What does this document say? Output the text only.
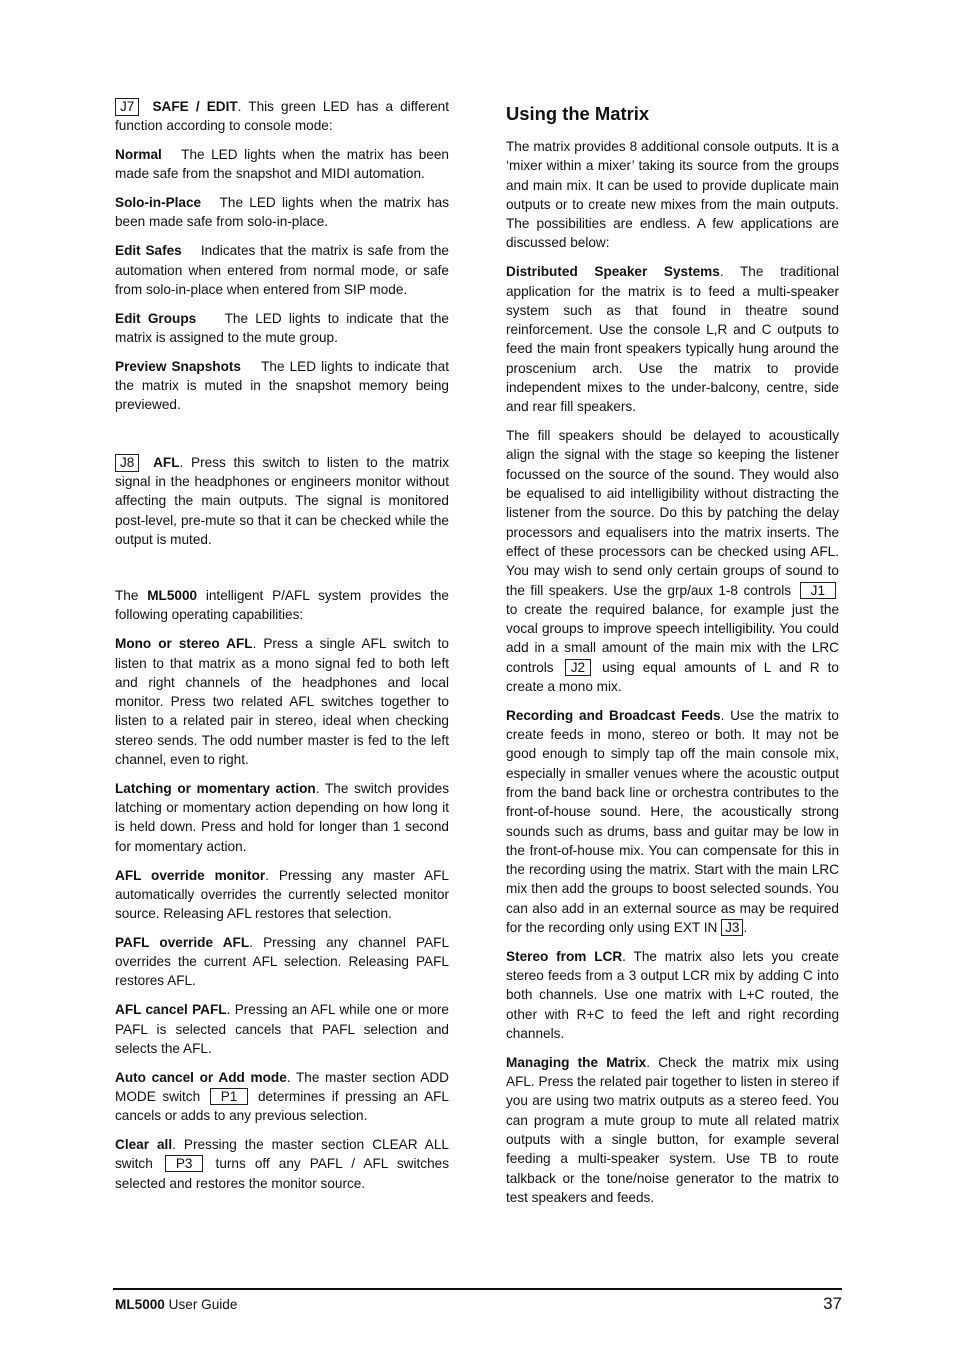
J7 SAFE / EDIT. This green LED has a different function according to console mode:

Normal The LED lights when the matrix has been made safe from the snapshot and MIDI automation.

Solo-in-Place The LED lights when the matrix has been made safe from solo-in-place.

Edit Safes Indicates that the matrix is safe from the automation when entered from normal mode, or safe from solo-in-place when entered from SIP mode.

Edit Groups The LED lights to indicate that the matrix is assigned to the mute group.

Preview Snapshots The LED lights to indicate that the matrix is muted in the snapshot memory being previewed.

J8 AFL. Press this switch to listen to the matrix signal in the headphones or engineers monitor without affecting the main outputs. The signal is monitored post-level, pre-mute so that it can be checked while the output is muted.

The ML5000 intelligent P/AFL system provides the following operating capabilities:

Mono or stereo AFL. Press a single AFL switch to listen to that matrix as a mono signal fed to both left and right channels of the headphones and local monitor. Press two related AFL switches together to listen to a related pair in stereo, ideal when checking stereo sends. The odd number master is fed to the left channel, even to right.

Latching or momentary action. The switch provides latching or momentary action depending on how long it is held down. Press and hold for longer than 1 second for momentary action.

AFL override monitor. Pressing any master AFL automatically overrides the currently selected monitor source. Releasing AFL restores that selection.

PAFL override AFL. Pressing any channel PAFL overrides the current AFL selection. Releasing PAFL restores AFL.

AFL cancel PAFL. Pressing an AFL while one or more PAFL is selected cancels that PAFL selection and selects the AFL.

Auto cancel or Add mode. The master section ADD MODE switch P1 determines if pressing an AFL cancels or adds to any previous selection.

Clear all. Pressing the master section CLEAR ALL switch P3 turns off any PAFL / AFL switches selected and restores the monitor source.

Using the Matrix

The matrix provides 8 additional console outputs. It is a ‘mixer within a mixer’ taking its source from the groups and main mix. It can be used to provide duplicate main outputs or to create new mixes from the main outputs. The possibilities are endless. A few applications are discussed below:

Distributed Speaker Systems. The traditional application for the matrix is to feed a multi-speaker system such as that found in theatre sound reinforcement. Use the console L,R and C outputs to feed the main front speakers typically hung around the proscenium arch. Use the matrix to provide independent mixes to the under-balcony, centre, side and rear fill speakers.

The fill speakers should be delayed to acoustically align the signal with the stage so keeping the listener focussed on the source of the sound. They would also be equalised to aid intelligibility without distracting the listener from the source. Do this by patching the delay processors and equalisers into the matrix inserts. The effect of these processors can be checked using AFL. You may wish to send only certain groups of sound to the fill speakers. Use the grp/aux 1-8 controls J1 to create the required balance, for example just the vocal groups to improve speech intelligibility. You could add in a small amount of the main mix with the LRC controls J2 using equal amounts of L and R to create a mono mix.

Recording and Broadcast Feeds. Use the matrix to create feeds in mono, stereo or both. It may not be good enough to simply tap off the main console mix, especially in smaller venues where the acoustic output from the band back line or orchestra contributes to the front-of-house sound. Here, the acoustically strong sounds such as drums, bass and guitar may be low in the front-of-house mix. You can compensate for this in the recording using the matrix. Start with the main LRC mix then add the groups to boost selected sounds. You can also add in an external source as may be required for the recording only using EXT IN J3 .

Stereo from LCR. The matrix also lets you create stereo feeds from a 3 output LCR mix by adding C into both channels. Use one matrix with L+C routed, the other with R+C to feed the left and right recording channels.

Managing the Matrix. Check the matrix mix using AFL. Press the related pair together to listen in stereo if you are using two matrix outputs as a stereo feed. You can program a mute group to mute all related matrix outputs with a single button, for example several feeding a multi-speaker system. Use TB to route talkback or the tone/noise generator to the matrix to test speakers and feeds.

ML5000 User Guide	37
